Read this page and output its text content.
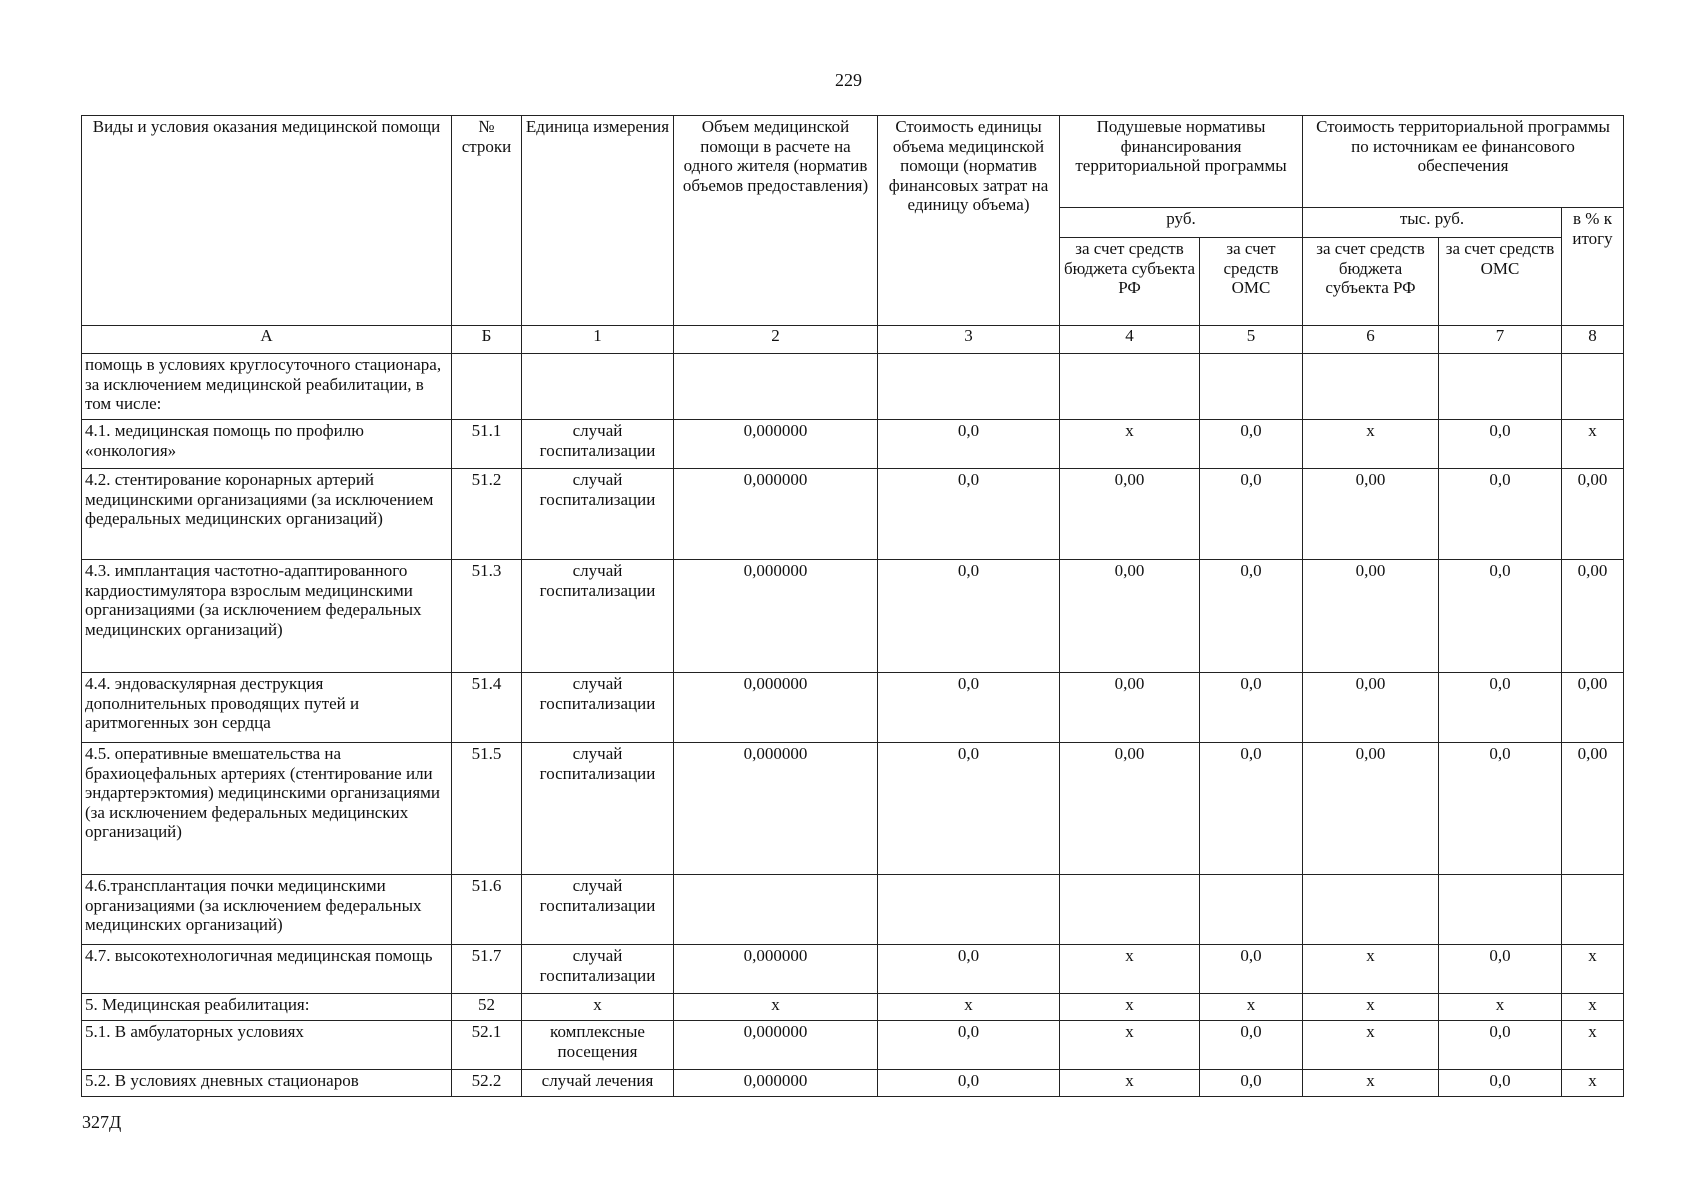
229
Виды и условия оказания медицинской помощи	№ строки	Единица измерения	Объем медицинской помощи в расчете на одного жителя (норматив объемов предоставления)	Стоимость единицы объема медицинской помощи (норматив финансовых затрат на единицу объема)	Подушевые нормативы финансирования территориальной программы		Стоимость территориальной программы по источникам ее финансового обеспечения		
					руб.		тыс. руб.		в % к итогу
					за счет средств бюджета субъекта РФ	за счет средств ОМС	за счет средств бюджета субъекта РФ	за счет средств ОМС	
А	Б	1	2	3	4	5	6	7	8
помощь в условиях круглосуточного стационара, за исключением медицинской реабилитации, в том числе:									
4.1. медицинская помощь по профилю «онкология»	51.1	случай госпитализации	0,000000	0,0	х	0,0	х	0,0	х
4.2. стентирование коронарных артерий медицинскими организациями (за исключением федеральных медицинских организаций)	51.2	случай госпитализации	0,000000	0,0	0,00	0,0	0,00	0,0	0,00
4.3. имплантация частотно-адаптированного кардиостимулятора взрослым медицинскими организациями (за исключением федеральных медицинских организаций)	51.3	случай госпитализации	0,000000	0,0	0,00	0,0	0,00	0,0	0,00
4.4. эндоваскулярная деструкция дополнительных проводящих путей и аритмогенных зон сердца	51.4	случай госпитализации	0,000000	0,0	0,00	0,0	0,00	0,0	0,00
4.5. оперативные вмешательства на брахиоцефальных артериях (стентирование или эндартерэктомия) медицинскими организациями (за исключением федеральных медицинских организаций)	51.5	случай госпитализации	0,000000	0,0	0,00	0,0	0,00	0,0	0,00
4.6.трансплантация почки медицинскими организациями (за исключением федеральных медицинских организаций)	51.6	случай госпитализации							
4.7. высокотехнологичная медицинская помощь	51.7	случай госпитализации	0,000000	0,0	х	0,0	х	0,0	х
5. Медицинская реабилитация:	52	х	х	х	х	х	х	х	х
5.1. В амбулаторных условиях	52.1	комплексные посещения	0,000000	0,0	х	0,0	х	0,0	х
5.2. В условиях дневных стационаров	52.2	случай лечения	0,000000	0,0	х	0,0	х	0,0	х
327Д
